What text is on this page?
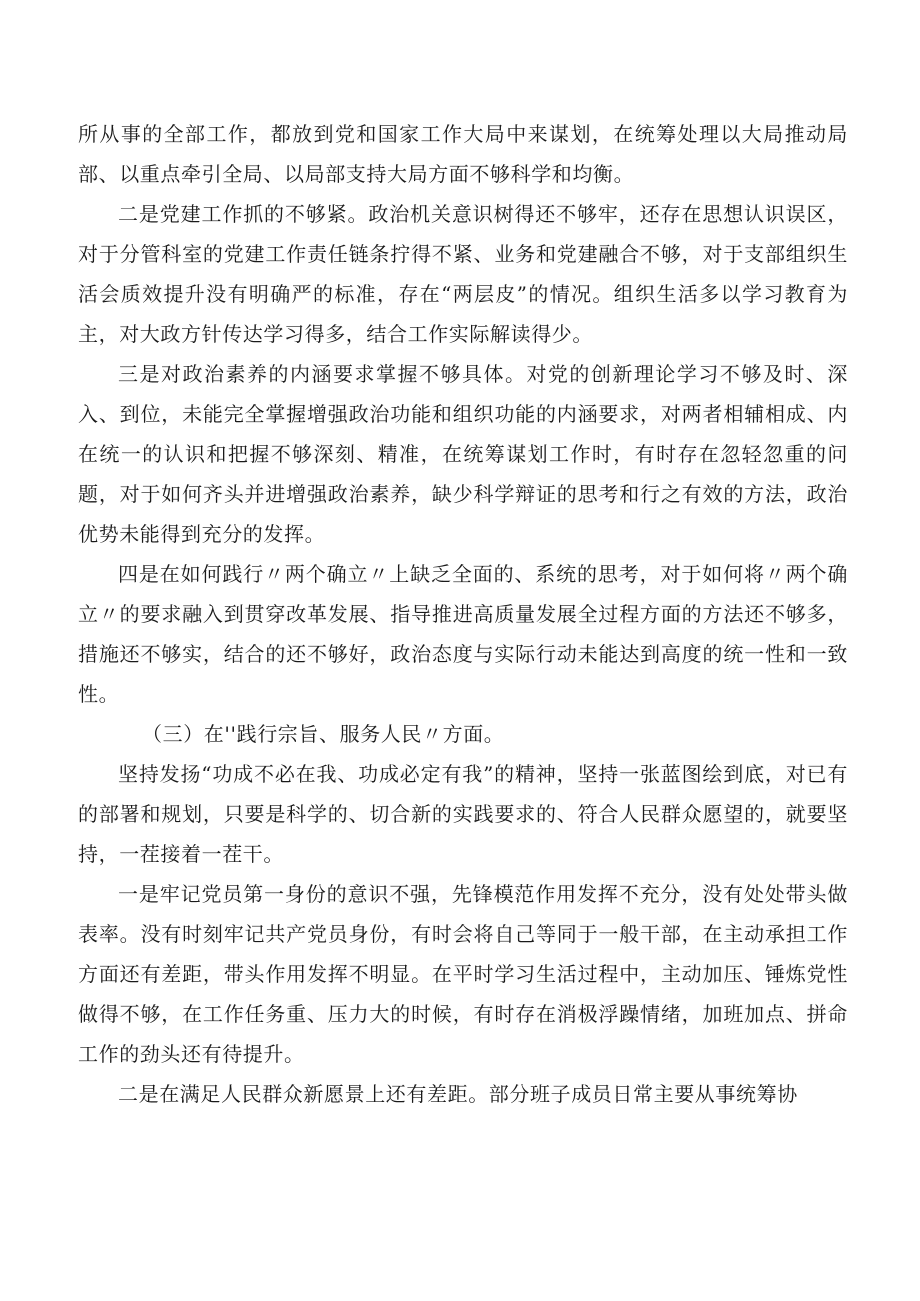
所从事的全部工作，都放到党和国家工作大局中来谋划，在统筹处理以大局推动局部、以重点牵引全局、以局部支持大局方面不够科学和均衡。

二是党建工作抓的不够紧。政治机关意识树得还不够牢，还存在思想认识误区，对于分管科室的党建工作责任链条拧得不紧、业务和党建融合不够，对于支部组织生活会质效提升没有明确严的标准，存在“两层皮”的情况。组织生活多以学习教育为主，对大政方针传达学习得多，结合工作实际解读得少。

三是对政治素养的内涵要求掌握不够具体。对党的创新理论学习不够及时、深入、到位，未能完全掌握增强政治功能和组织功能的内涵要求，对两者相辅相成、内在统一的认识和把握不够深刻、精准，在统筹谋划工作时，有时存在忽轻忽重的问题，对于如何齐头并进增强政治素养，缺少科学辩证的思考和行之有效的方法，政治优势未能得到充分的发挥。

四是在如何践行〃两个确立〃上缺乏全面的、系统的思考，对于如何将〃两个确立〃的要求融入到贯穿改革发展、指导推进高质量发展全过程方面的方法还不够多，措施还不够实，结合的还不够好，政治态度与实际行动未能达到高度的统一性和一致性。

（三）在''践行宗旨、服务人民〃方面。

坚持发扬“功成不必在我、功成必定有我”的精神，坚持一张蓝图绘到底，对已有的部署和规划，只要是科学的、切合新的实践要求的、符合人民群众愿望的，就要坚持，一茬接着一茬干。

一是牢记党员第一身份的意识不强，先锋模范作用发挥不充分，没有处处带头做表率。没有时刻牢记共产党员身份，有时会将自己等同于一般干部，在主动承担工作方面还有差距，带头作用发挥不明显。在平时学习生活过程中，主动加压、锤炼党性做得不够，在工作任务重、压力大的时候，有时存在消极浮躁情绪，加班加点、拼命工作的劲头还有待提升。

二是在满足人民群众新愿景上还有差距。部分班子成员日常主要从事统筹协
